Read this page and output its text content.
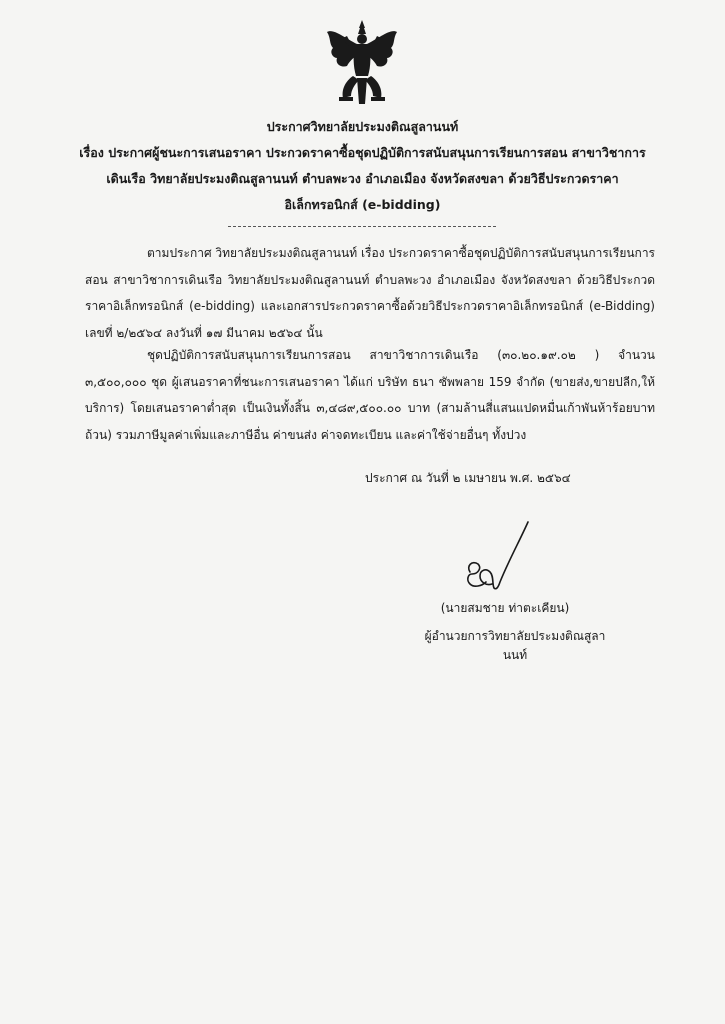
ประกาศวิทยาลัยประมงติณสูลานนท์
เรื่อง ประกาศผู้ชนะการเสนอราคา ประกวดราคาซื้อชุดปฏิบัติการสนับสนุนการเรียนการสอน สาขาวิชาการเดินเรือ วิทยาลัยประมงติณสูลานนท์ ตำบลพะวง อำเภอเมือง จังหวัดสงขลา ด้วยวิธีประกวดราคาอิเล็กทรอนิกส์ (e-bidding)
ตามประกาศ วิทยาลัยประมงติณสูลานนท์ เรื่อง ประกวดราคาซื้อชุดปฏิบัติการสนับสนุนการเรียนการสอน สาขาวิชาการเดินเรือ วิทยาลัยประมงติณสูลานนท์ ตำบลพะวง อำเภอเมือง จังหวัดสงขลา ด้วยวิธีประกวดราคาอิเล็กทรอนิกส์ (e-bidding) และเอกสารประกวดราคาซื้อด้วยวิธีประกวดราคาอิเล็กทรอนิกส์ (e-Bidding) เลขที่ ๒/๒๕๖๔ ลงวันที่ ๑๗ มีนาคม ๒๕๖๔ นั้น
ชุดปฏิบัติการสนับสนุนการเรียนการสอน สาขาวิชาการเดินเรือ (๓๐.๒๐.๑๙.๐๒ ) จำนวน ๓,๕๐๐,๐๐๐ ชุด ผู้เสนอราคาที่ชนะการเสนอราคา ได้แก่ บริษัท ธนา ซัพพลาย 159 จำกัด (ขายส่ง,ขายปลีก,ให้บริการ) โดยเสนอราคาต่ำสุด เป็นเงินทั้งสิ้น ๓,๔๘๙,๕๐๐.๐๐ บาท (สามล้านสี่แสนแปดหมื่นเก้าพันห้าร้อยบาทถ้วน) รวมภาษีมูลค่าเพิ่มและภาษีอื่น ค่าขนส่ง ค่าจดทะเบียน และค่าใช้จ่ายอื่นๆ ทั้งปวง
ประกาศ ณ วันที่ ๒ เมษายน พ.ศ. ๒๕๖๔
(นายสมชาย ท่าตะเคียน)
ผู้อำนวยการวิทยาลัยประมงติณสูลานนท์
